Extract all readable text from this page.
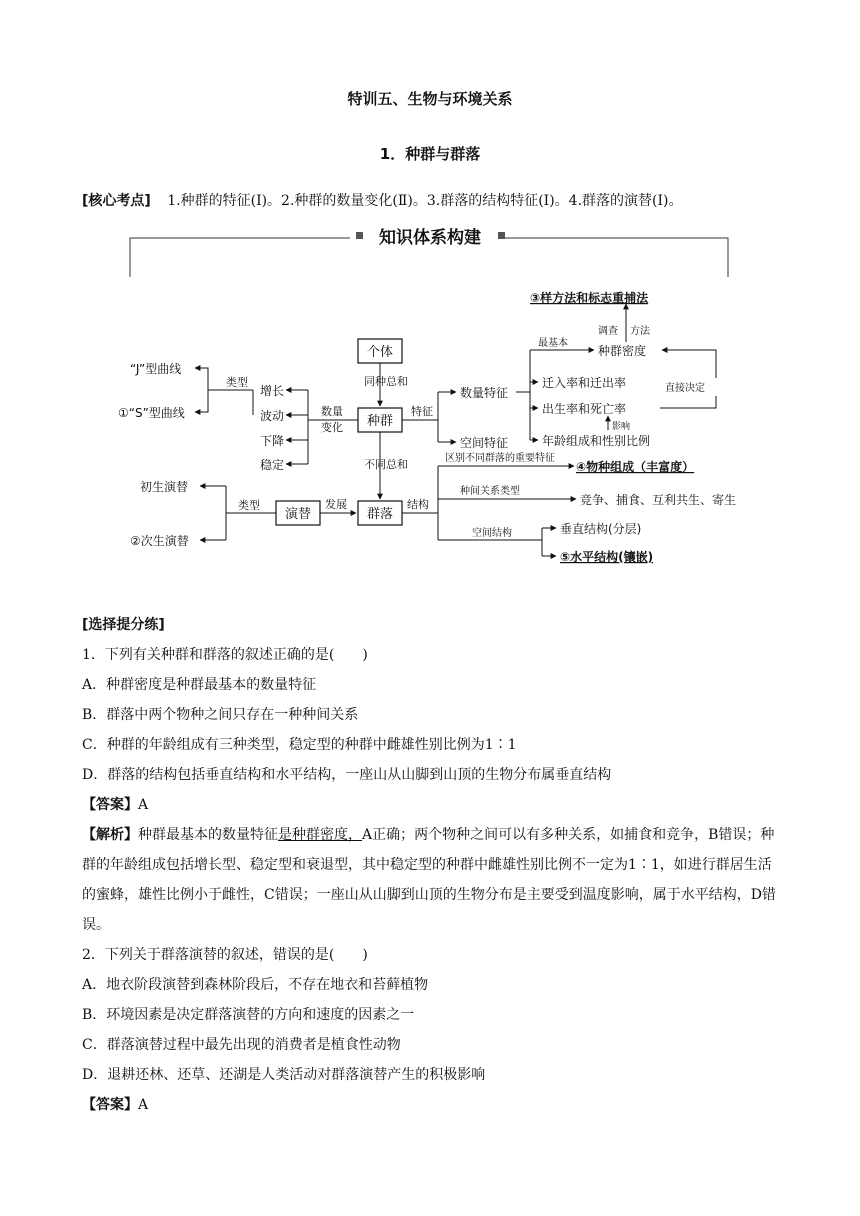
特训五、生物与环境关系
1．种群与群落
[核心考点] 1.种群的特征(Ⅰ)。2.种群的数量变化(Ⅱ)。3.群落的结构特征(Ⅰ)。4.群落的演替(Ⅰ)。
知识体系构建
个体
种群
群落
演替
同种 总和
不同 总和
数量
变化
特征
发展	结构
类型
类型
“J”型曲线
①“S”型曲线
增长
波动
下降
稳定
数量特征
空间特征
③样方法和标志重捕法
调查 方法
最基本
种群密度
迁入率和迁出率
出生率和死亡率
年龄组成和性别比例
直接决定
影响
初生演替
②次生演替
区别不同群落的重要特征
④物种组成（丰富度）
种间关系类型
竞争、捕食、互利共生、寄生
空间结构	垂直结构(分层)
⑤水平结构(镶嵌)

[选择提分练]

1．下列有关种群和群落的叙述正确的是(　　)

A．种群密度是种群最基本的数量特征

B．群落中两个物种之间只存在一种种间关系

C．种群的年龄组成有三种类型，稳定型的种群中雌雄性别比例为1∶1

D．群落的结构包括垂直结构和水平结构，一座山从山脚到山顶的生物分布属垂直结构

【答案】A

【解析】种群最基本的数量特征是种群密度，A正确；两个物种之间可以有多种关系，如捕食和竞争，B错误；种群的年龄组成包括增长型、稳定型和衰退型，其中稳定型的种群中雌雄性别比例不一定为1∶1，如进行群居生活的蜜蜂，雄性比例小于雌性，C错误；一座山从山脚到山顶的生物分布是主要受到温度影响，属于水平结构，D错误。

2．下列关于群落演替的叙述，错误的是(　　)

A．地衣阶段演替到森林阶段后，不存在地衣和苔藓植物

B．环境因素是决定群落演替的方向和速度的因素之一

C．群落演替过程中最先出现的消费者是植食性动物

D．退耕还林、还草、还湖是人类活动对群落演替产生的积极影响

【答案】A
